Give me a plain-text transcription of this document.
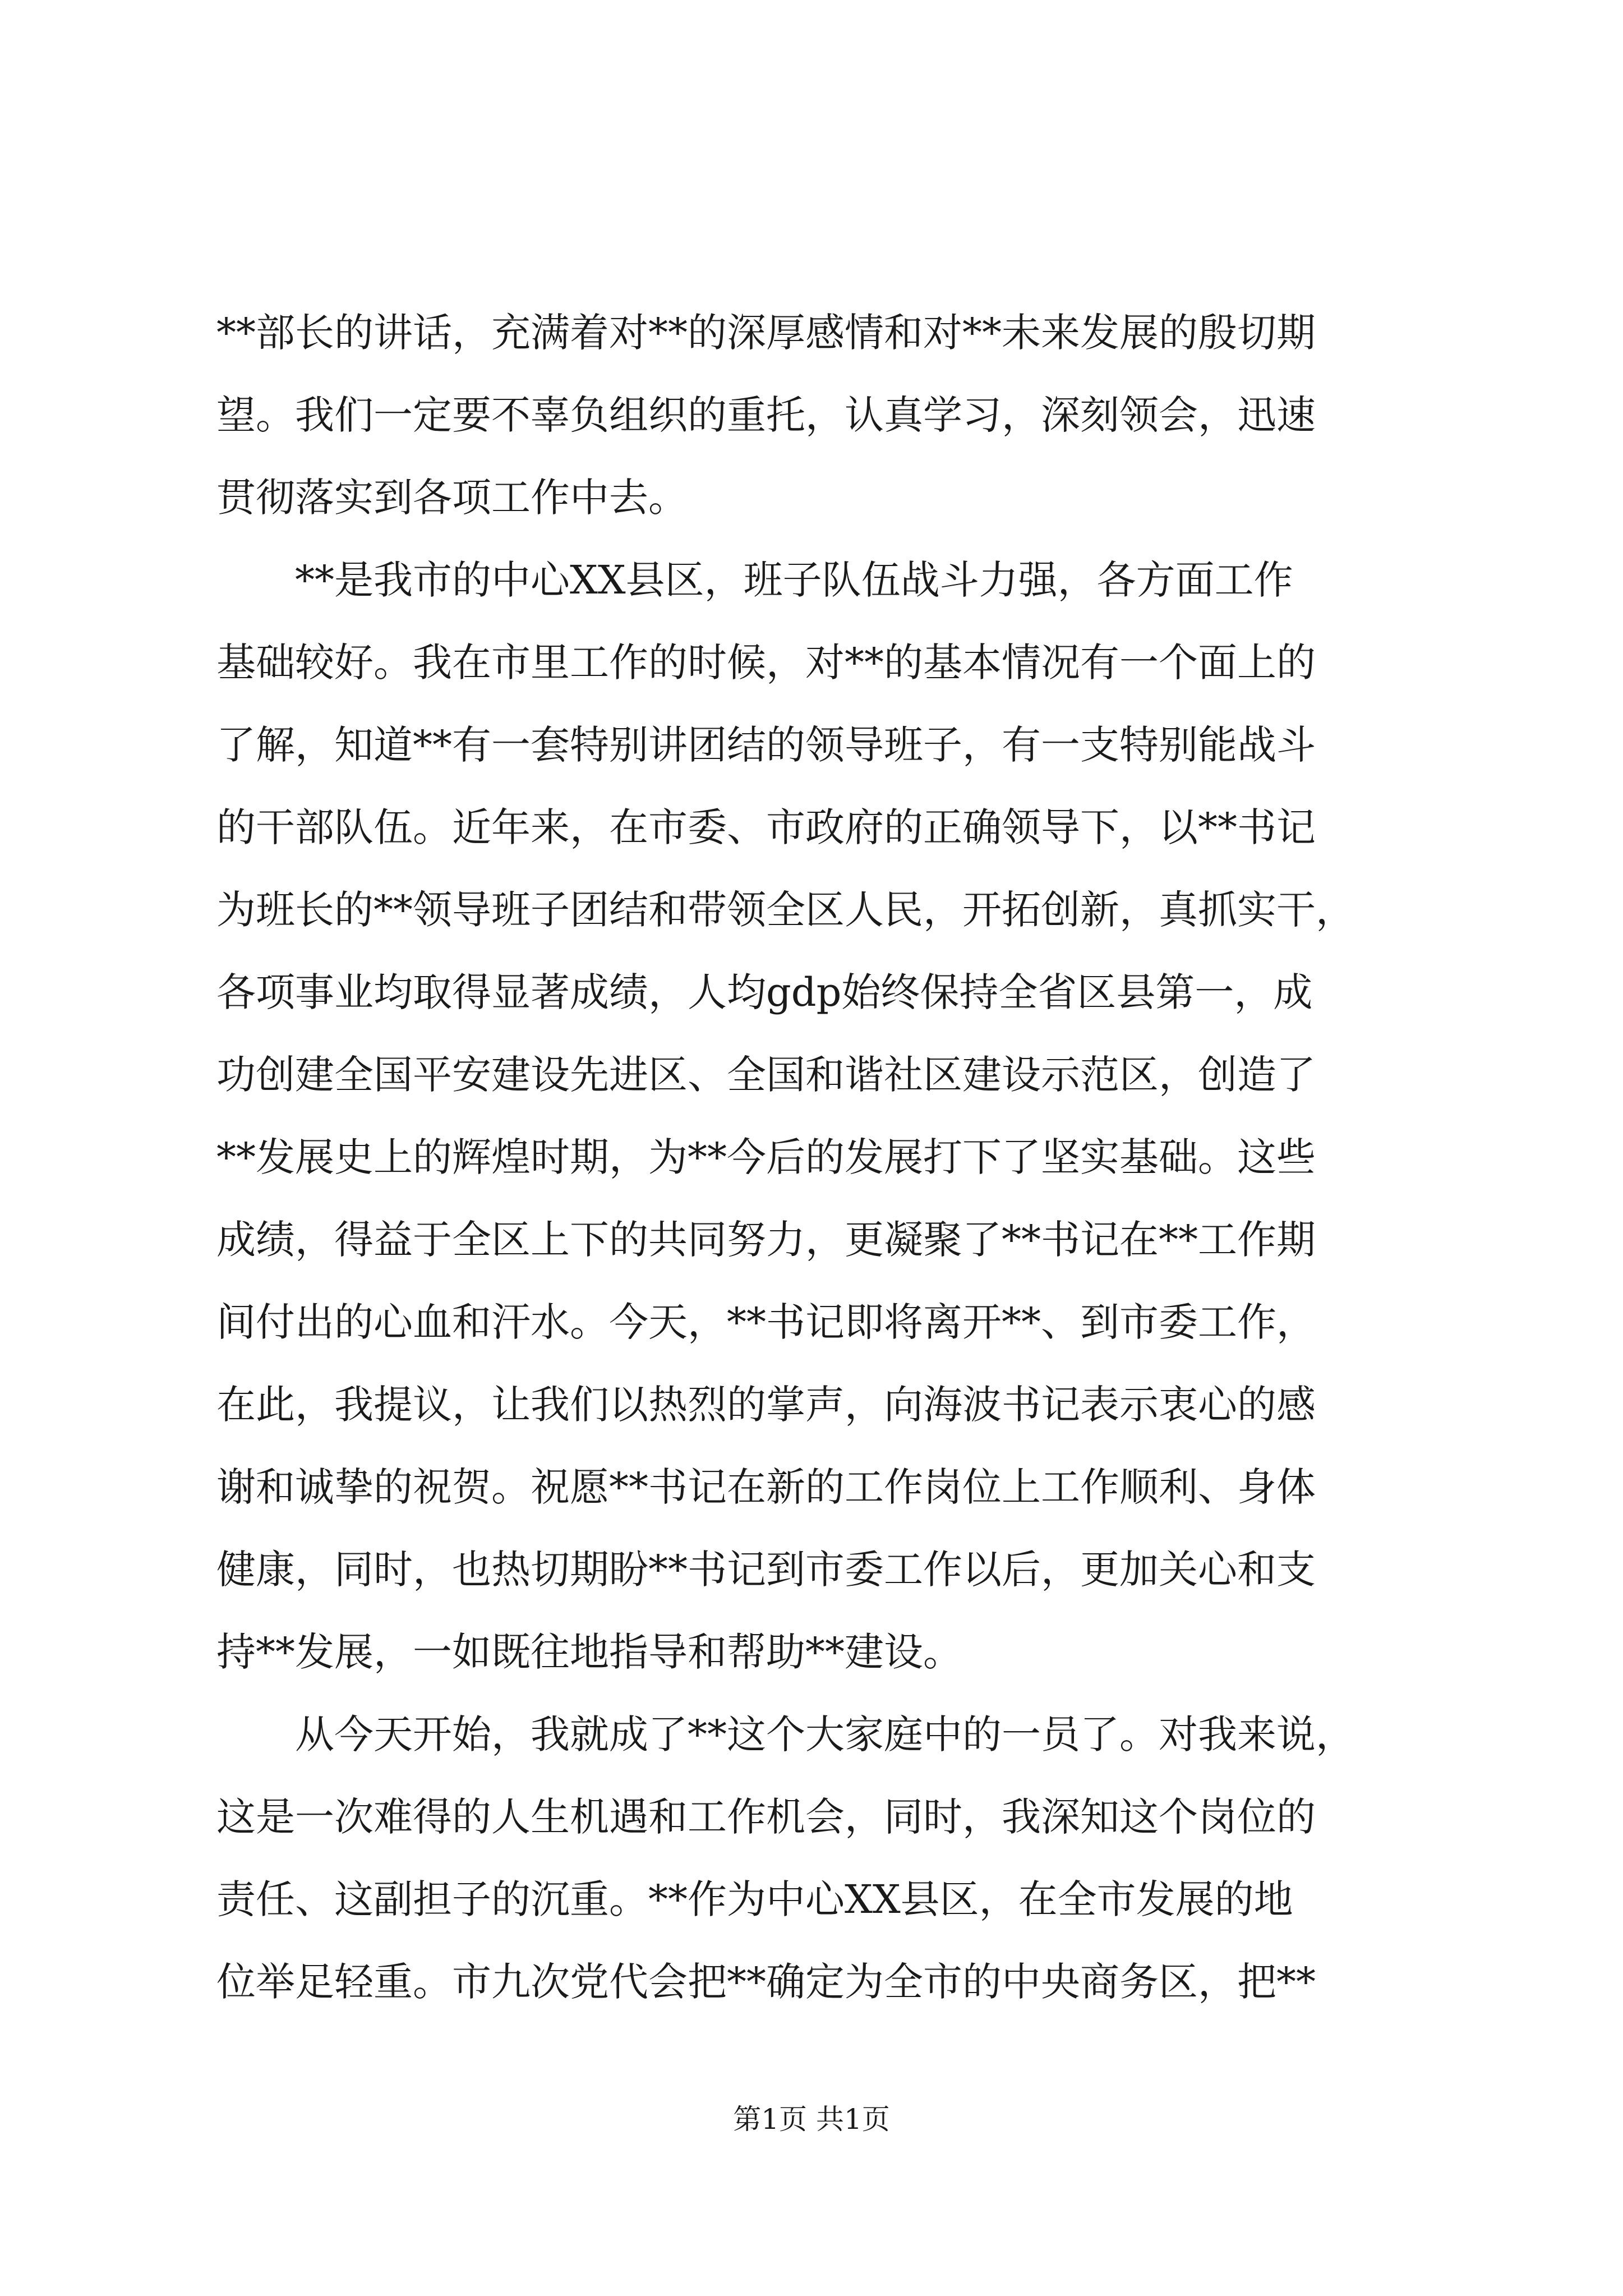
**部长的讲话，充满着对**的深厚感情和对**未来发展的殷切期
望。我们一定要不辜负组织的重托，认真学习，深刻领会，迅速
贯彻落实到各项工作中去。
**是我市的中心XX县区，班子队伍战斗力强，各方面工作
基础较好。我在市里工作的时候，对**的基本情况有一个面上的
了解，知道**有一套特别讲团结的领导班子，有一支特别能战斗
的干部队伍。近年来，在市委、市政府的正确领导下，以**书记
为班长的**领导班子团结和带领全区人民，开拓创新，真抓实干，
各项事业均取得显著成绩，人均gdp始终保持全省区县第一，成
功创建全国平安建设先进区、全国和谐社区建设示范区，创造了
**发展史上的辉煌时期，为**今后的发展打下了坚实基础。这些
成绩，得益于全区上下的共同努力，更凝聚了**书记在**工作期
间付出的心血和汗水。今天，**书记即将离开**、到市委工作，
在此，我提议，让我们以热烈的掌声，向海波书记表示衷心的感
谢和诚挚的祝贺。祝愿**书记在新的工作岗位上工作顺利、身体
健康，同时，也热切期盼**书记到市委工作以后，更加关心和支
持**发展，一如既往地指导和帮助**建设。
从今天开始，我就成了**这个大家庭中的一员了。对我来说，
这是一次难得的人生机遇和工作机会，同时，我深知这个岗位的
责任、这副担子的沉重。**作为中心XX县区，在全市发展的地
位举足轻重。市九次党代会把**确定为全市的中央商务区，把**
第1页 共1页
